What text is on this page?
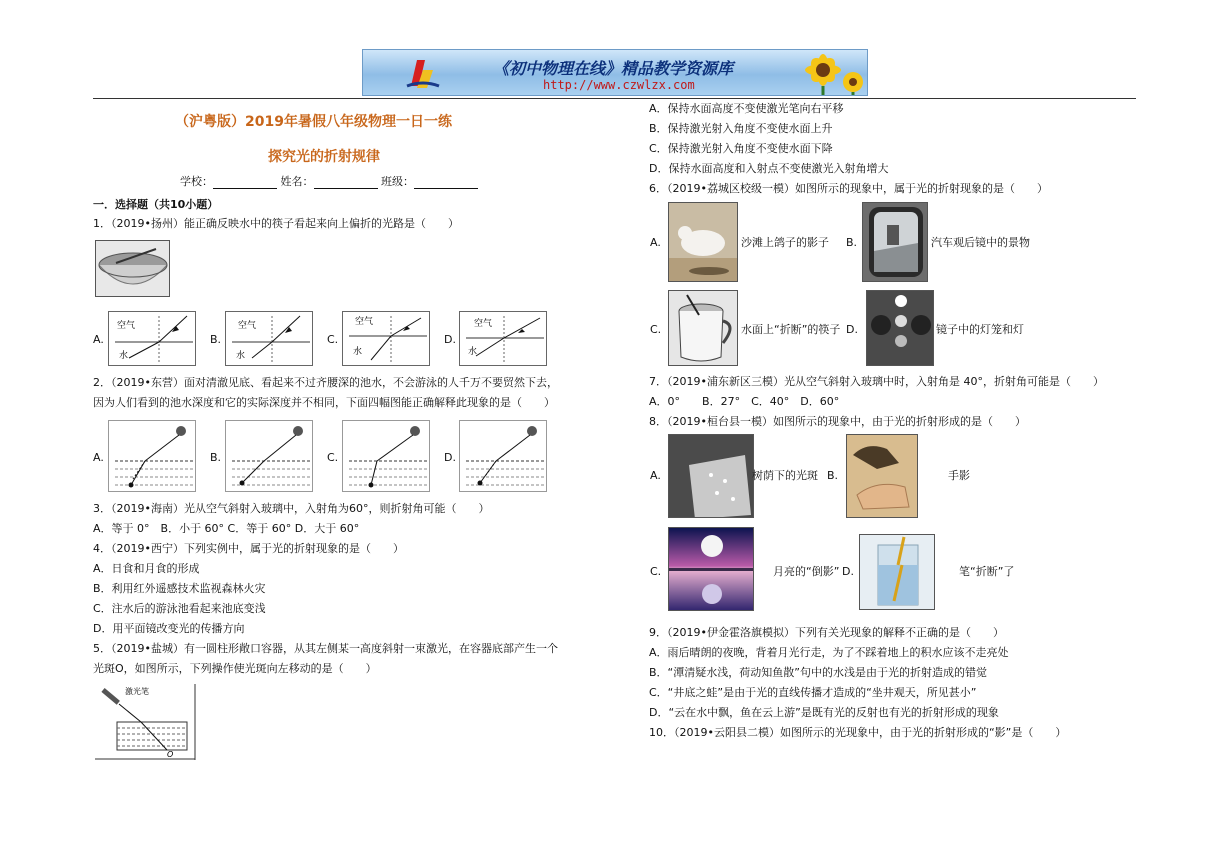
《初中物理在线》精品教学资源库
http://www.czwlzx.com
（沪粤版）2019年暑假八年级物理一日一练
探究光的折射规律
学校：	姓名：	班级：
一．选择题（共10小题）
1．（2019•扬州）能正确反映水中的筷子看起来向上偏折的光路是（　　）
A.
空气
水
B.
空气
水
C.
空气
水
D.
空气
水
2．（2019•东营）面对清澈见底、看起来不过齐腰深的池水，不会游泳的人千万不要贸然下去，
因为人们看到的池水深度和它的实际深度并不相同，下面四幅图能正确解释此现象的是（　　）
A.	B.	C.	D.
3．（2019•海南）光从空气斜射入玻璃中，入射角为60°，则折射角可能（　　）
A．等于 0°　B．小于 60° C．等于 60° D．大于 60°
4．（2019•西宁）下列实例中，属于光的折射现象的是（　　）
A．日食和月食的形成
B．利用红外遥感技术监视森林火灾
C．注水后的游泳池看起来池底变浅
D．用平面镜改变光的传播方向
5．（2019•盐城）有一圆柱形敞口容器，从其左侧某一高度斜射一束激光，在容器底部产生一个
光斑O，如图所示，下列操作使光斑向左移动的是（　　）
激光笔
O
A．保持水面高度不变使激光笔向右平移
B．保持激光射入角度不变使水面上升
C．保持激光射入角度不变使水面下降
D．保持水面高度和入射点不变使激光入射角增大
6．（2019•荔城区校级一模）如图所示的现象中，属于光的折射现象的是（　　）
A.	沙滩上鸽子的影子 B.	汽车观后镜中的景物
C.	水面上“折断”的筷子 D.	镜子中的灯笼和灯
7．（2019•浦东新区三模）光从空气斜射入玻璃中时，入射角是 40°，折射角可能是（　　）
A．0°　　B．27°　C．40°　D．60°
8．（2019•桓台县一模）如图所示的现象中，由于光的折射形成的是（　　）
A.	树荫下的光斑 B.	手影
C.	月亮的“倒影” D.	笔“折断”了
9．（2019•伊金霍洛旗模拟）下列有关光现象的解释不正确的是（　　）
A．雨后晴朗的夜晚，背着月光行走，为了不踩着地上的积水应该不走亮处
B．“潭清疑水浅，荷动知鱼散”句中的水浅是由于光的折射造成的错觉
C．“井底之蛙”是由于光的直线传播才造成的“坐井观天，所见甚小”
D．“云在水中飘，鱼在云上游”是既有光的反射也有光的折射形成的现象
10．（2019•云阳县二模）如图所示的光现象中，由于光的折射形成的“影”是（　　）
